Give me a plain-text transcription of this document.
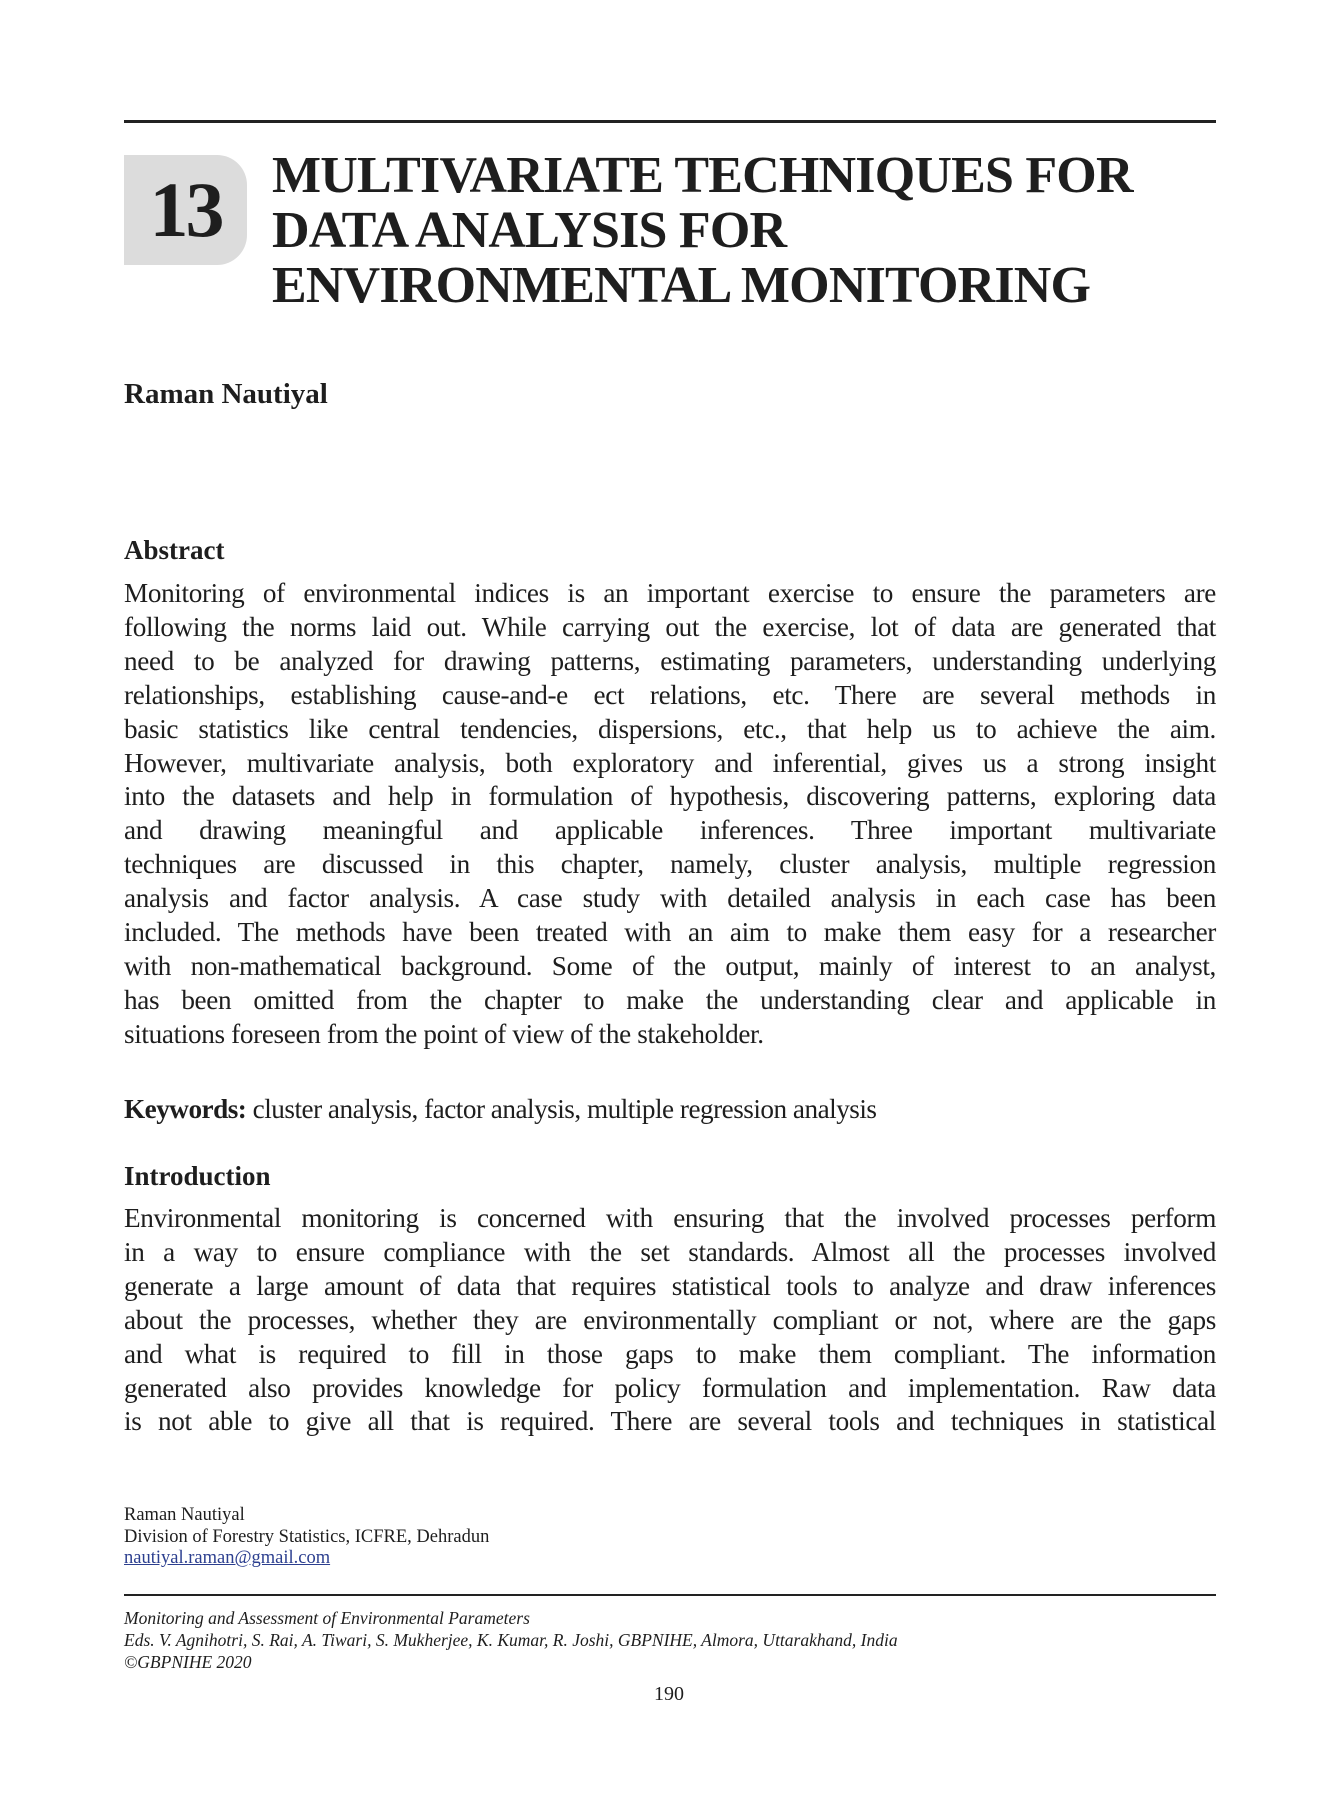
13 MULTIVARIATE TECHNIQUES FOR
DATA ANALYSIS FOR
ENVIRONMENTAL MONITORING

Raman Nautiyal

Abstract
Monitoring of environmental indices is an important exercise to ensure the parameters are
following the norms laid out. While carrying out the exercise, lot of data are generated that
need to be analyzed for drawing patterns, estimating parameters, understanding underlying
relationships, establishing cause-and-e ect relations, etc. There are several methods in
basic statistics like central tendencies, dispersions, etc., that help us to achieve the aim.
However, multivariate analysis, both exploratory and inferential, gives us a strong insight
into the datasets and help in formulation of hypothesis, discovering patterns, exploring data
and drawing meaningful and applicable inferences. Three important multivariate
techniques are discussed in this chapter, namely, cluster analysis, multiple regression
analysis and factor analysis. A case study with detailed analysis in each case has been
included. The methods have been treated with an aim to make them easy for a researcher
with non-mathematical background. Some of the output, mainly of interest to an analyst,
has been omitted from the chapter to make the understanding clear and applicable in
situations foreseen from the point of view of the stakeholder.

Keywords: cluster analysis, factor analysis, multiple regression analysis

Introduction
Environmental monitoring is concerned with ensuring that the involved processes perform
in a way to ensure compliance with the set standards. Almost all the processes involved
generate a large amount of data that requires statistical tools to analyze and draw inferences
about the processes, whether they are environmentally compliant or not, where are the gaps
and what is required to fill in those gaps to make them compliant. The information
generated also provides knowledge for policy formulation and implementation. Raw data
is not able to give all that is required. There are several tools and techniques in statistical
Raman Nautiyal
Division of Forestry Statistics, ICFRE, Dehradun
nautiyal.raman@gmail.com
Monitoring and Assessment of Environmental Parameters
Eds. V. Agnihotri, S. Rai, A. Tiwari, S. Mukherjee, K. Kumar, R. Joshi, GBPNIHE, Almora, Uttarakhand, India
©GBPNIHE 2020
190
